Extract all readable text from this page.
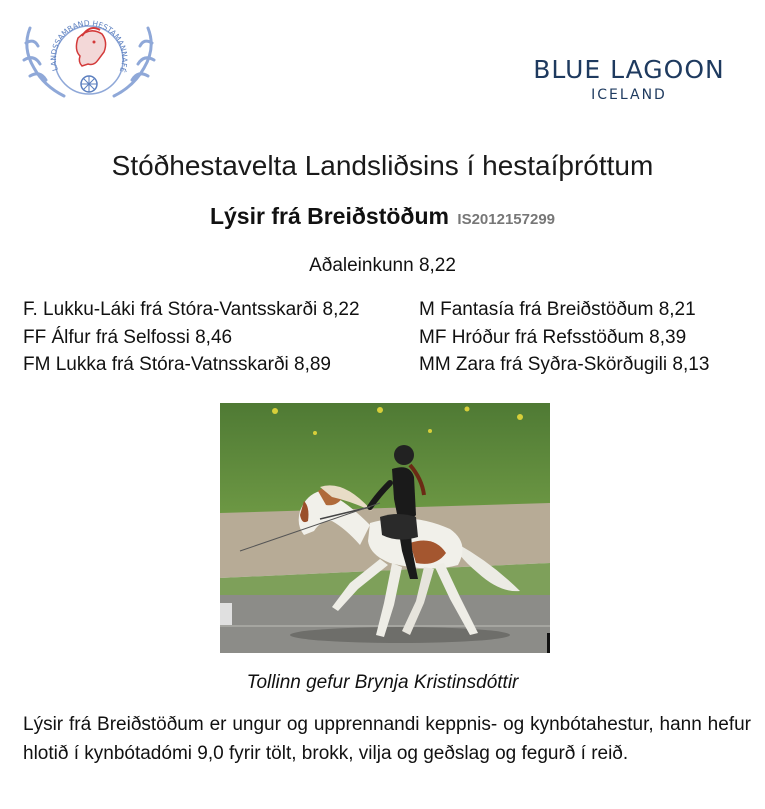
LANDSSAMBAND HESTAMANNAFÉ	BLUE LAGOON
ICELAND
Stóðhestavelta Landsliðsins í hestaíþróttum
Lýsir frá Breiðstöðum IS2012157299
Aðaleinkunn 8,22
F. Lukku-Láki frá Stóra-Vantsskarði 8,22
FF Álfur frá Selfossi 8,46
FM Lukka frá Stóra-Vatnsskarði 8,89
M Fantasía frá Breiðstöðum 8,21
MF Hróður frá Refsstöðum 8,39
MM Zara frá Syðra-Skörðugili 8,13
Tollinn gefur Brynja Kristinsdóttir
Lýsir frá Breiðstöðum er ungur og upprennandi keppnis- og kynbótahestur, hann hefur hlotið í kynbótadómi 9,0 fyrir tölt, brokk, vilja og geðslag og fegurð í reið.
